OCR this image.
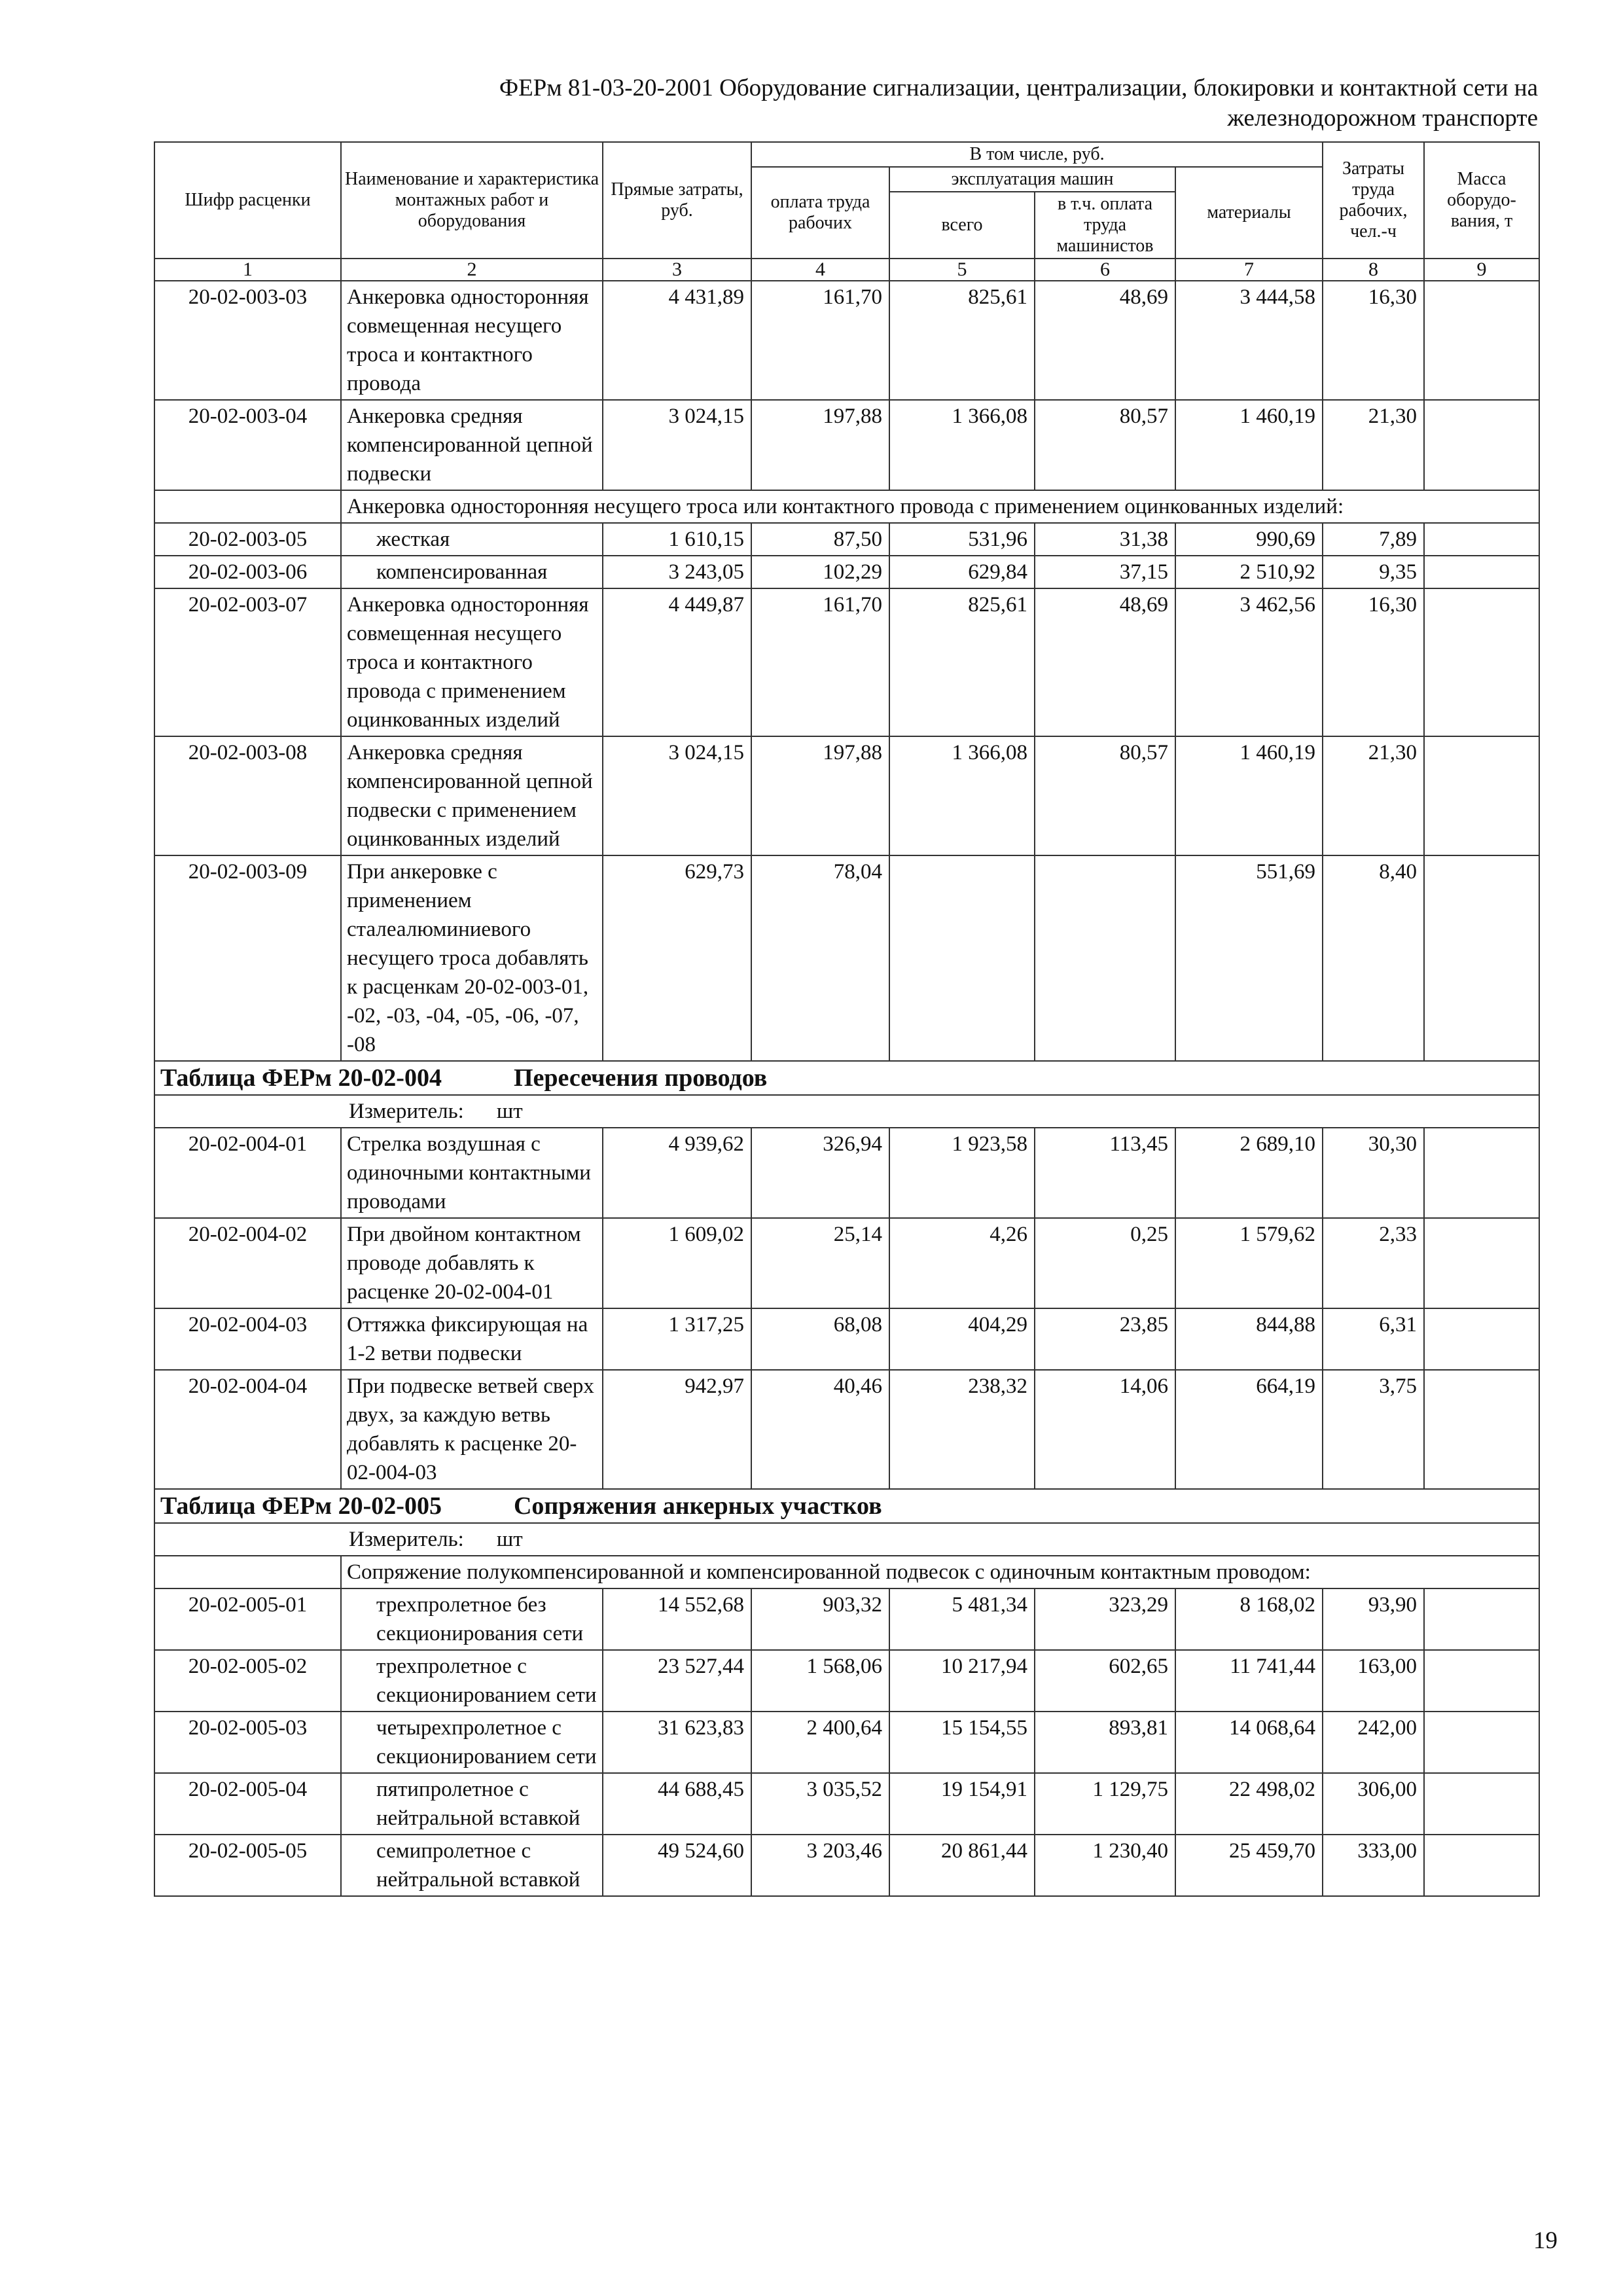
ФЕРм 81-03-20-2001 Оборудование сигнализации, централизации, блокировки и контактной сети на
железнодорожном транспорте
Шифр расценки	Наименование и характеристика монтажных работ и оборудования	Прямые затраты, руб.	В том числе, руб.				Затраты труда рабочих, чел.-ч	Масса оборудо-вания, т
			оплата труда рабочих	эксплуатация машин		материалы		
				всего	в т.ч. оплата труда машинистов			
1	2	3	4	5	6	7	8	9
20-02-003-03	Анкеровка односторонняя совмещенная несущего троса и контактного провода	4 431,89	161,70	825,61	48,69	3 444,58	16,30	
20-02-003-04	Анкеровка средняя компенсированной цепной подвески	3 024,15	197,88	1 366,08	80,57	1 460,19	21,30	
	Анкеровка односторонняя несущего троса или контактного провода с применением оцинкованных изделий:							
20-02-003-05	жесткая	1 610,15	87,50	531,96	31,38	990,69	7,89	
20-02-003-06	компенсированная	3 243,05	102,29	629,84	37,15	2 510,92	9,35	
20-02-003-07	Анкеровка односторонняя совмещенная несущего троса и контактного провода с применением оцинкованных изделий	4 449,87	161,70	825,61	48,69	3 462,56	16,30	
20-02-003-08	Анкеровка средняя компенсированной цепной подвески с применением оцинкованных изделий	3 024,15	197,88	1 366,08	80,57	1 460,19	21,30	
20-02-003-09	При анкеровке с применением сталеалюминиевого несущего троса добавлять к расценкам 20-02-003-01, -02, -03, -04, -05, -06, -07, -08	629,73	78,04			551,69	8,40	
Таблица ФЕРм 20-02-004 Пересечения проводов								
Измеритель: шт								
20-02-004-01	Стрелка воздушная с одиночными контактными проводами	4 939,62	326,94	1 923,58	113,45	2 689,10	30,30	
20-02-004-02	При двойном контактном проводе добавлять к расценке 20-02-004-01	1 609,02	25,14	4,26	0,25	1 579,62	2,33	
20-02-004-03	Оттяжка фиксирующая на 1-2 ветви подвески	1 317,25	68,08	404,29	23,85	844,88	6,31	
20-02-004-04	При подвеске ветвей сверх двух, за каждую ветвь добавлять к расценке 20-02-004-03	942,97	40,46	238,32	14,06	664,19	3,75	
Таблица ФЕРм 20-02-005 Сопряжения анкерных участков								
Измеритель: шт								
	Сопряжение полукомпенсированной и компенсированной подвесок с одиночным контактным проводом:							
20-02-005-01	трехпролетное без секционирования сети	14 552,68	903,32	5 481,34	323,29	8 168,02	93,90	
20-02-005-02	трехпролетное с секционированием сети	23 527,44	1 568,06	10 217,94	602,65	11 741,44	163,00	
20-02-005-03	четырехпролетное с секционированием сети	31 623,83	2 400,64	15 154,55	893,81	14 068,64	242,00	
20-02-005-04	пятипролетное с нейтральной вставкой	44 688,45	3 035,52	19 154,91	1 129,75	22 498,02	306,00	
20-02-005-05	семипролетное с нейтральной вставкой	49 524,60	3 203,46	20 861,44	1 230,40	25 459,70	333,00	
19
